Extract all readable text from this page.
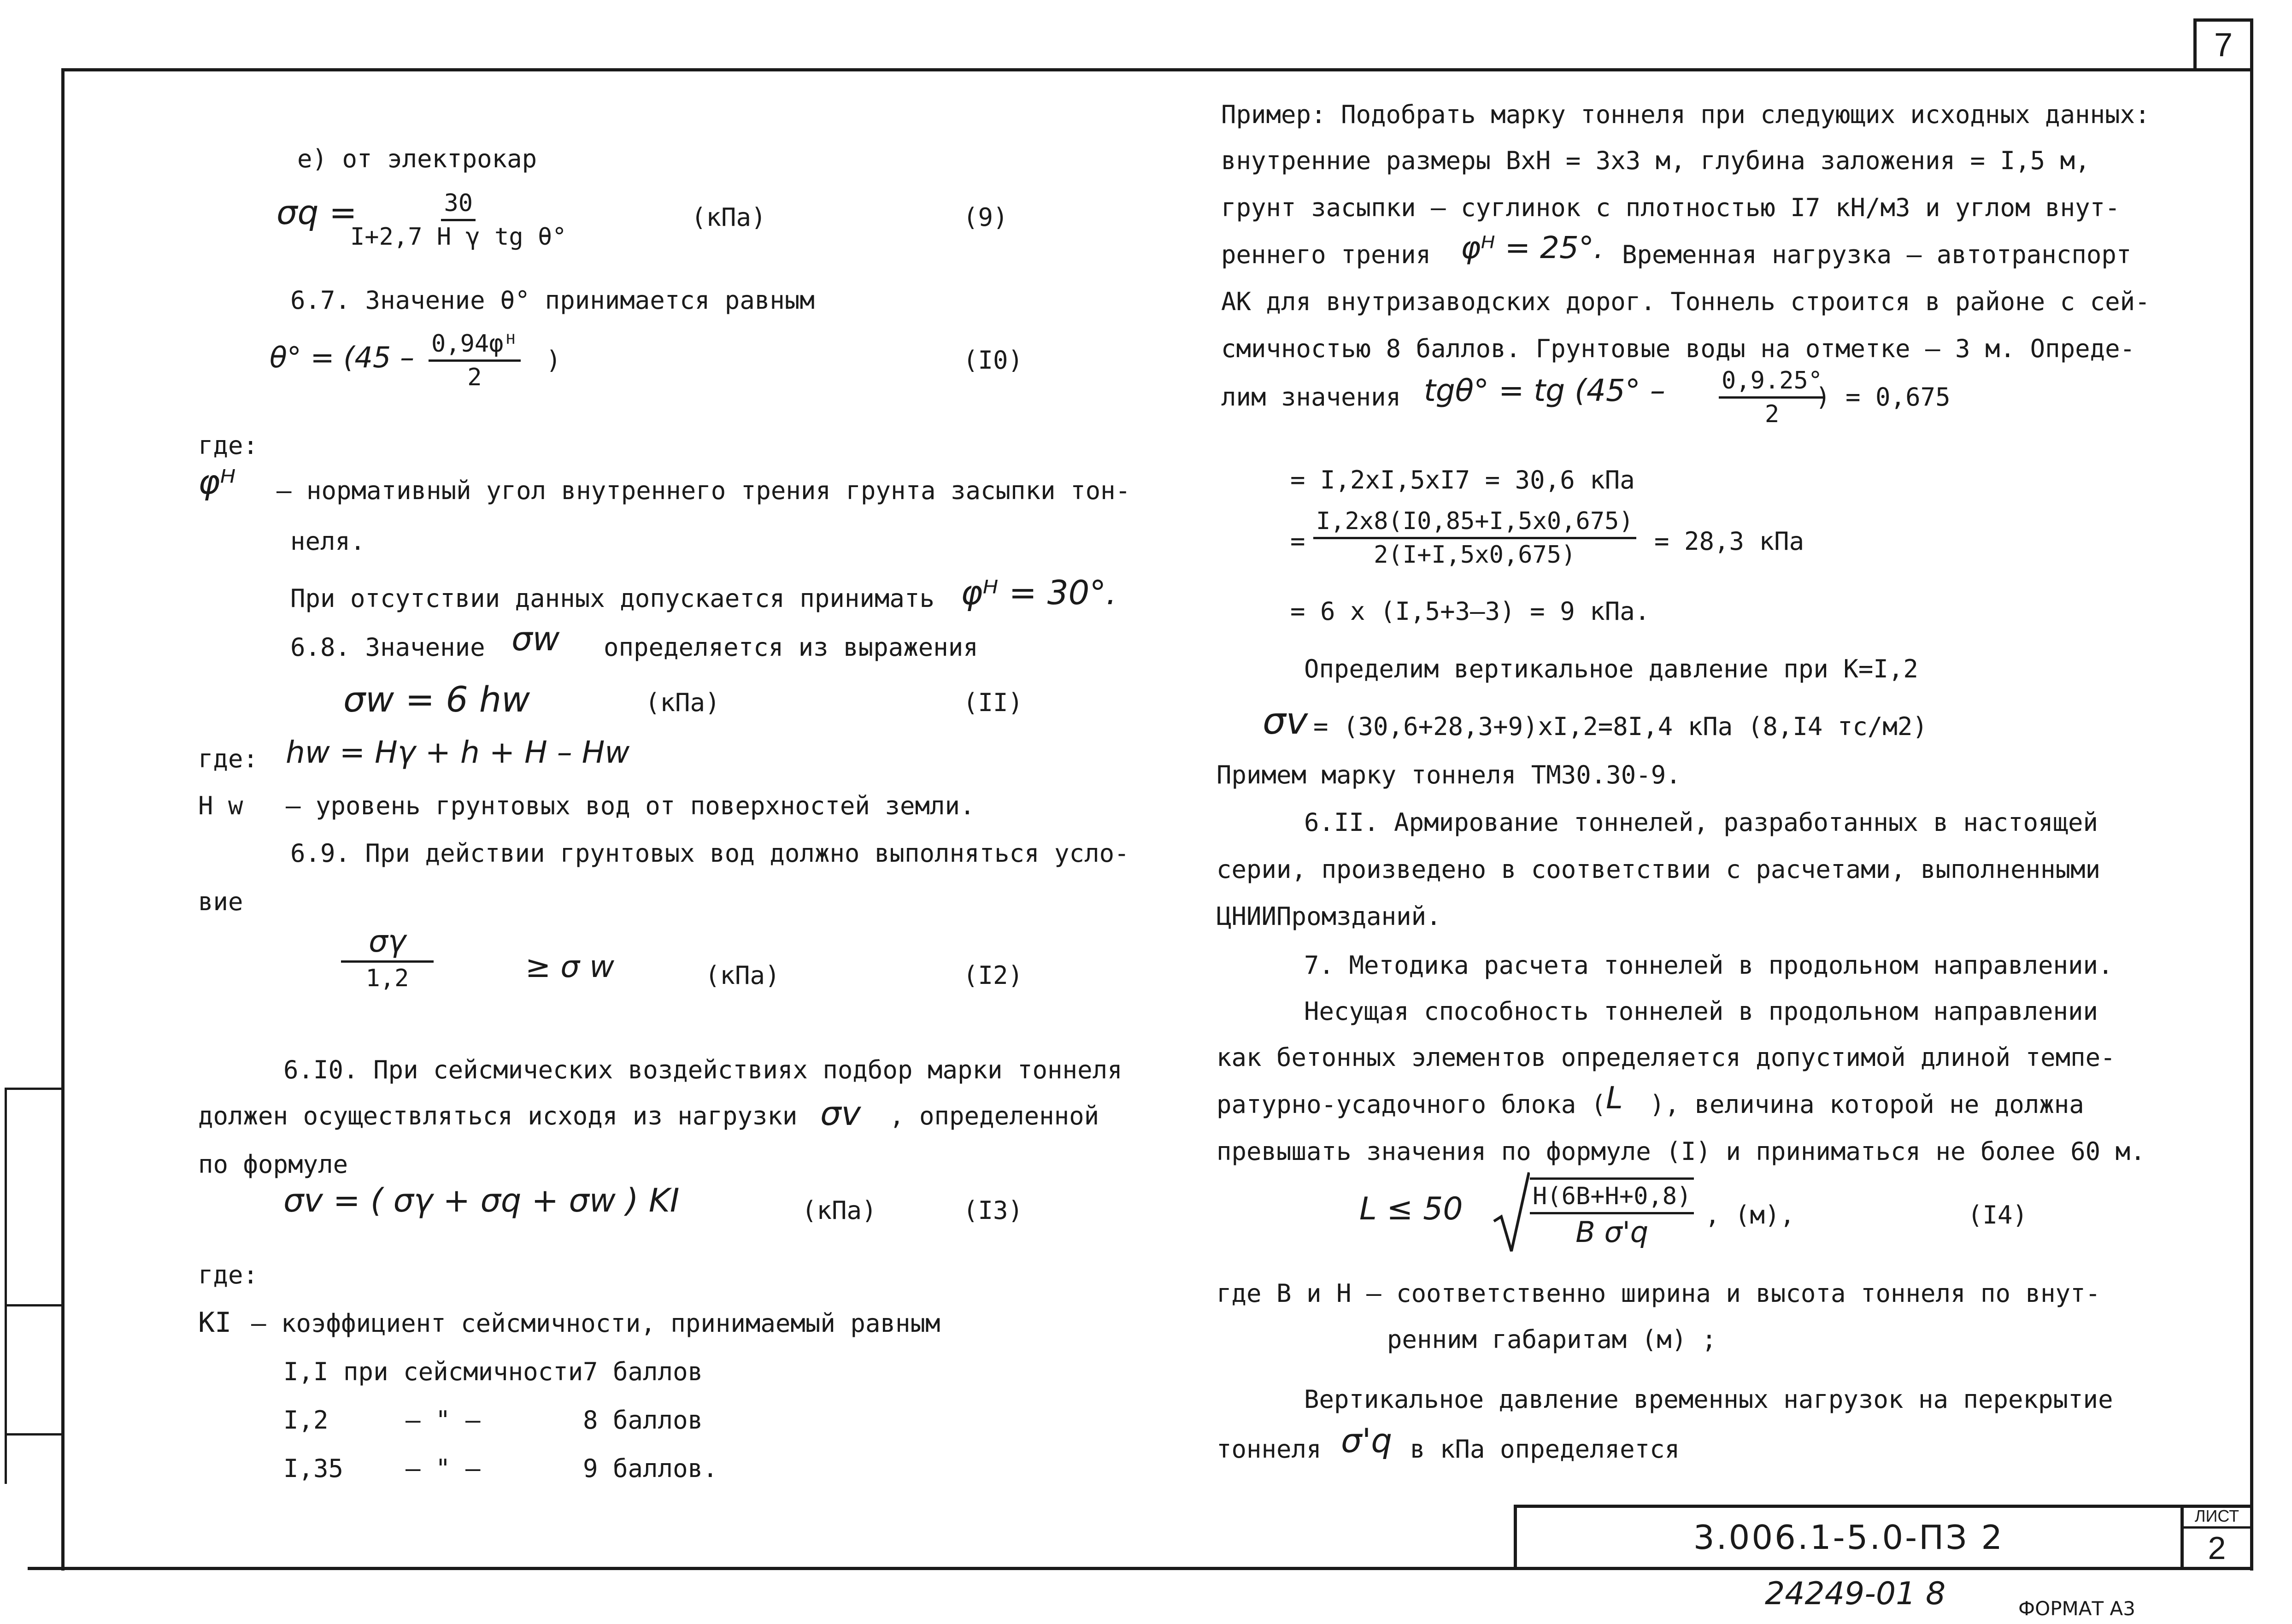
7
е) от электрокар
σq =
$\frac{30}{\text{I+2,7 H γ tg θ°}}$	(кПа)	(9)
6.7. Значение θ° принимается равным
$\theta^\circ = (45 - \frac{\text{0,94φᴴ}}{2}$ )	(I0)
где:
φᴴ – нормативный угол внутреннего трения грунта засыпки тон-
неля.
При отсутствии данных допускается принимать φᴴ = 30°.
6.8. Значение σw определяется из выражения
σw = 6 hw	(кПа)	(II)
где: hw = Hγ + h + H – Hw
H w – уровень грунтовых вод от поверхностей земли.
6.9. При действии грунтовых вод должно выполняться усло-
вие
σγ
1,2	≥ σ w	(кПа)	(I2)
6.I0. При сейсмических воздействиях подбор марки тоннеля
должен осуществляться исходя из нагрузки σv , определенной
по формуле
σv = ( σγ + σq + σw ) KI	(кПа)	(I3)
где:
KI – коэффициент сейсмичности, принимаемый равным
I,I при сейсмичности 7 баллов
I,2	– " –	8 баллов
I,35 – " –	9 баллов.
Пример: Подобрать марку тоннеля при следующих исходных данных:
внутренние размеры ВхН = 3х3 м, глубина заложения = I,5 м,
грунт засыпки – суглинок с плотностью I7 кН/м3 и углом внут-
реннего трения φᴴ = 25°. Временная нагрузка – автотранспорт
АК для внутризаводских дорог. Тоннель строится в районе с сей-
смичностью 8 баллов. Грунтовые воды на отметке – 3 м. Опреде-
лим значения tgθ° = tg ($45^\circ - \frac{0,9.25^\circ}{2}$
) = 0,675
= I,2хI,5хI7 = 30,6 кПа
=
I,2х8(I0,85+I,5х0,675)
2(I+I,5х0,675)	= 28,3 кПа
= 6 х (I,5+3–3) = 9 кПа.
Определим вертикальное давление при К=I,2
σv = (30,6+28,3+9)хI,2=8I,4 кПа (8,I4 тс/м2)
Примем марку тоннеля ТМ30.30-9.
6.II. Армирование тоннелей, разработанных в настоящей
серии, произведено в соответствии с расчетами, выполненными
ЦНИИПромзданий.
7. Методика расчета тоннелей в продольном направлении.
Несущая способность тоннелей в продольном направлении
как бетонных элементов определяется допустимой длиной темпе-
ратурно-усадочного блока ( L ), величина которой не должна
превышать значения по формуле (I) и приниматься не более 60 м.
L ≤ 50	H(6B+H+0,8)
B σ'q
, (м),	(I4)
где B и H – соответственно ширина и высота тоннеля по внут-
ренним габаритам (м) ;
Вертикальное давление временных нагрузок на перекрытие
тоннеля σ'q в кПа определяется
3.006.1-5.0-ПЗ 2
ЛИСТ
2
24249-01 8	ФОРМАТ А3
